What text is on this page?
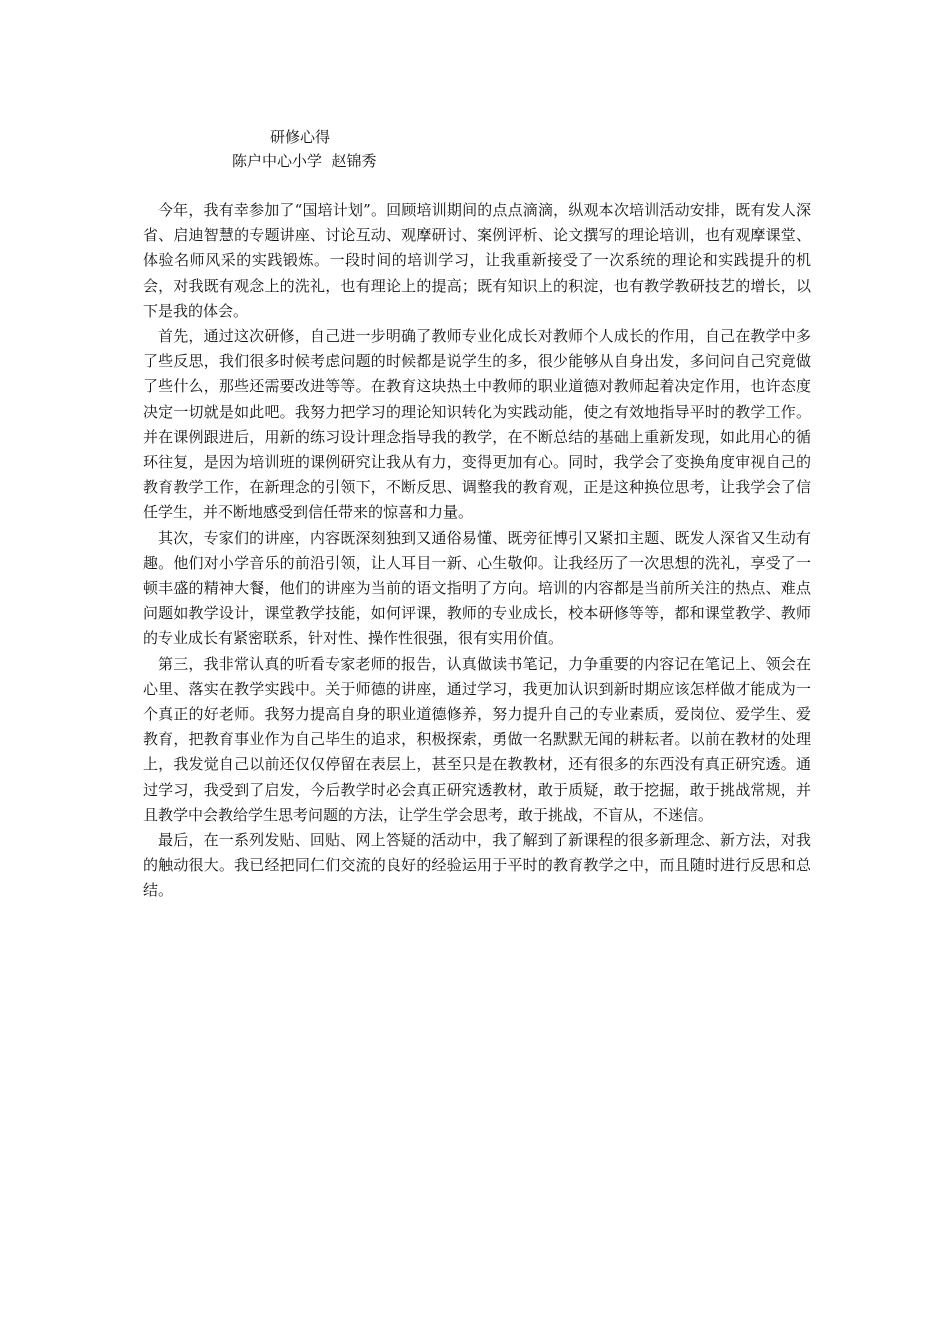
研修心得
陈户中心小学  赵锦秀

今年，我有幸参加了“国培计划”。回顾培训期间的点点滴滴，纵观本次培训活动安排，既有发人深省、启迪智慧的专题讲座、讨论互动、观摩研讨、案例评析、论文撰写的理论培训，也有观摩课堂、体验名师风采的实践锻炼。一段时间的培训学习，让我重新接受了一次系统的理论和实践提升的机会，对我既有观念上的洗礼，也有理论上的提高；既有知识上的积淀，也有教学教研技艺的增长，以下是我的体会。

首先，通过这次研修，自己进一步明确了教师专业化成长对教师个人成长的作用，自己在教学中多了些反思，我们很多时候考虑问题的时候都是说学生的多，很少能够从自身出发，多问问自己究竟做了些什么，那些还需要改进等等。在教育这块热土中教师的职业道德对教师起着决定作用，也许态度决定一切就是如此吧。我努力把学习的理论知识转化为实践动能，使之有效地指导平时的教学工作。并在课例跟进后，用新的练习设计理念指导我的教学，在不断总结的基础上重新发现，如此用心的循环往复，是因为培训班的课例研究让我从有力，变得更加有心。同时，我学会了变换角度审视自己的教育教学工作，在新理念的引领下，不断反思、调整我的教育观，正是这种换位思考，让我学会了信任学生，并不断地感受到信任带来的惊喜和力量。

其次，专家们的讲座，内容既深刻独到又通俗易懂、既旁征博引又紧扣主题、既发人深省又生动有趣。他们对小学音乐的前沿引领，让人耳目一新、心生敬仰。让我经历了一次思想的洗礼，享受了一顿丰盛的精神大餐，他们的讲座为当前的语文指明了方向。培训的内容都是当前所关注的热点、难点问题如教学设计，课堂教学技能，如何评课，教师的专业成长，校本研修等等，都和课堂教学、教师的专业成长有紧密联系，针对性、操作性很强，很有实用价值。

第三，我非常认真的听看专家老师的报告，认真做读书笔记，力争重要的内容记在笔记上、领会在心里、落实在教学实践中。关于师德的讲座，通过学习，我更加认识到新时期应该怎样做才能成为一个真正的好老师。我努力提高自身的职业道德修养，努力提升自己的专业素质，爱岗位、爱学生、爱教育，把教育事业作为自己毕生的追求，积极探索，勇做一名默默无闻的耕耘者。以前在教材的处理上，我发觉自己以前还仅仅停留在表层上，甚至只是在教教材，还有很多的东西没有真正研究透。通过学习，我受到了启发，今后教学时必会真正研究透教材，敢于质疑，敢于挖掘，敢于挑战常规，并且教学中会教给学生思考问题的方法，让学生学会思考，敢于挑战，不盲从，不迷信。

最后，在一系列发贴、回贴、网上答疑的活动中，我了解到了新课程的很多新理念、新方法，对我的触动很大。我已经把同仁们交流的良好的经验运用于平时的教育教学之中，而且随时进行反思和总结。
